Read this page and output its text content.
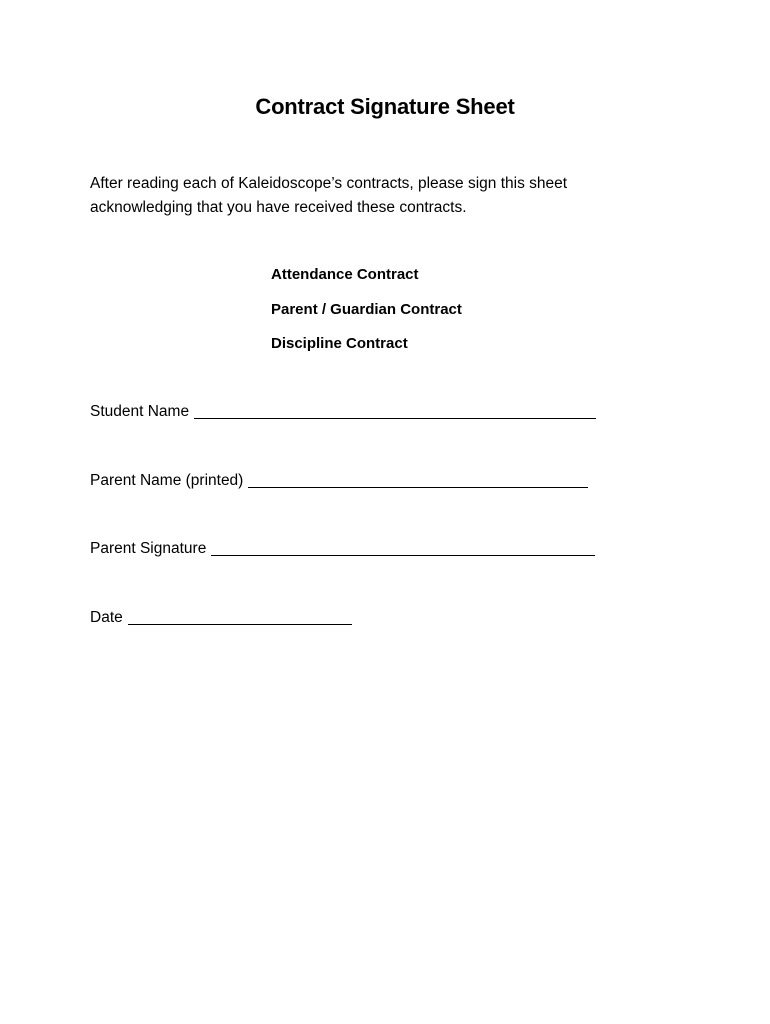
Contract Signature Sheet

After reading each of Kaleidoscope’s contracts, please sign this sheet
acknowledging that you have received these contracts.

Attendance Contract
Parent / Guardian Contract
Discipline Contract
Student Name
Parent Name (printed)
Parent Signature
Date
